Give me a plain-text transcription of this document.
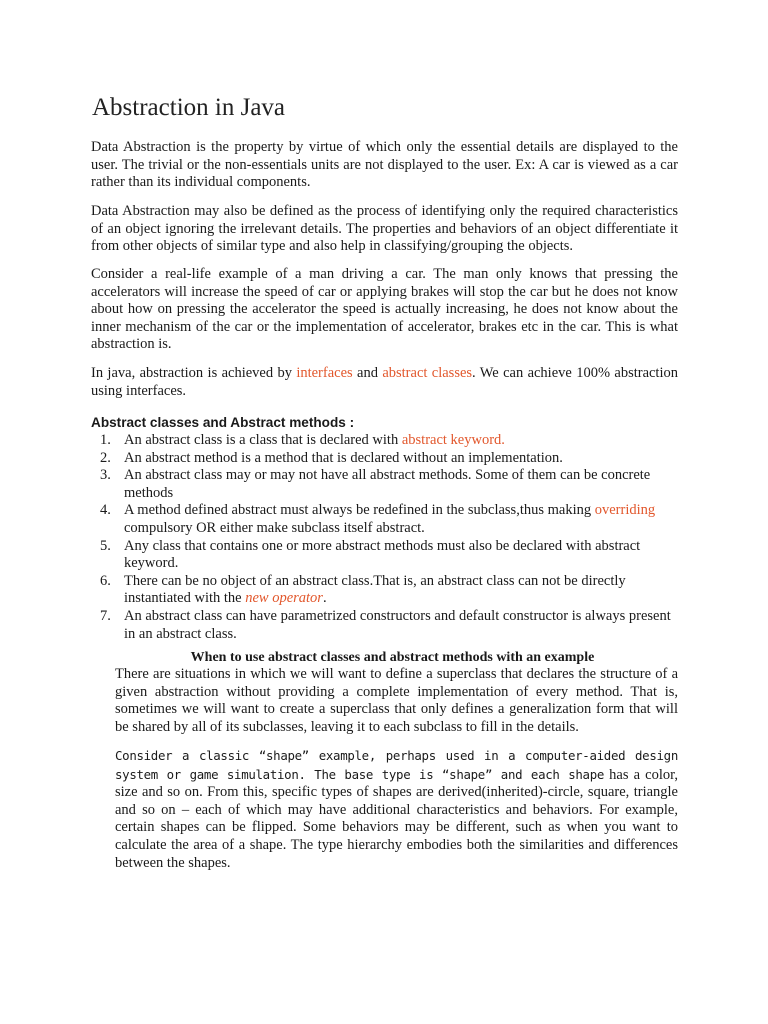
Abstraction in Java

Data Abstraction is the property by virtue of which only the essential details are displayed to the user. The trivial or the non-essentials units are not displayed to the user. Ex: A car is viewed as a car rather than its individual components.

Data Abstraction may also be defined as the process of identifying only the required characteristics of an object ignoring the irrelevant details. The properties and behaviors of an object differentiate it from other objects of similar type and also help in classifying/grouping the objects.

Consider a real-life example of a man driving a car. The man only knows that pressing the accelerators will increase the speed of car or applying brakes will stop the car but he does not know about how on pressing the accelerator the speed is actually increasing, he does not know about the inner mechanism of the car or the implementation of accelerator, brakes etc in the car. This is what abstraction is.

In java, abstraction is achieved by interfaces and abstract classes. We can achieve 100% abstraction using interfaces.

Abstract classes and Abstract methods :
1. An abstract class is a class that is declared with abstract keyword.
2. An abstract method is a method that is declared without an implementation.
3. An abstract class may or may not have all abstract methods. Some of them can be concrete methods
4. A method defined abstract must always be redefined in the subclass,thus making overriding compulsory OR either make subclass itself abstract.
5. Any class that contains one or more abstract methods must also be declared with abstract keyword.
6. There can be no object of an abstract class.That is, an abstract class can not be directly instantiated with the new operator.
7. An abstract class can have parametrized constructors and default constructor is always present in an abstract class.
When to use abstract classes and abstract methods with an example

There are situations in which we will want to define a superclass that declares the structure of a given abstraction without providing a complete implementation of every method. That is, sometimes we will want to create a superclass that only defines a generalization form that will be shared by all of its subclasses, leaving it to each subclass to fill in the details.

Consider a classic “shape” example, perhaps used in a computer-aided design system or game simulation. The base type is “shape” and each shape has a color, size and so on. From this, specific types of shapes are derived(inherited)-circle, square, triangle and so on – each of which may have additional characteristics and behaviors. For example, certain shapes can be flipped. Some behaviors may be different, such as when you want to calculate the area of a shape. The type hierarchy embodies both the similarities and differences between the shapes.
